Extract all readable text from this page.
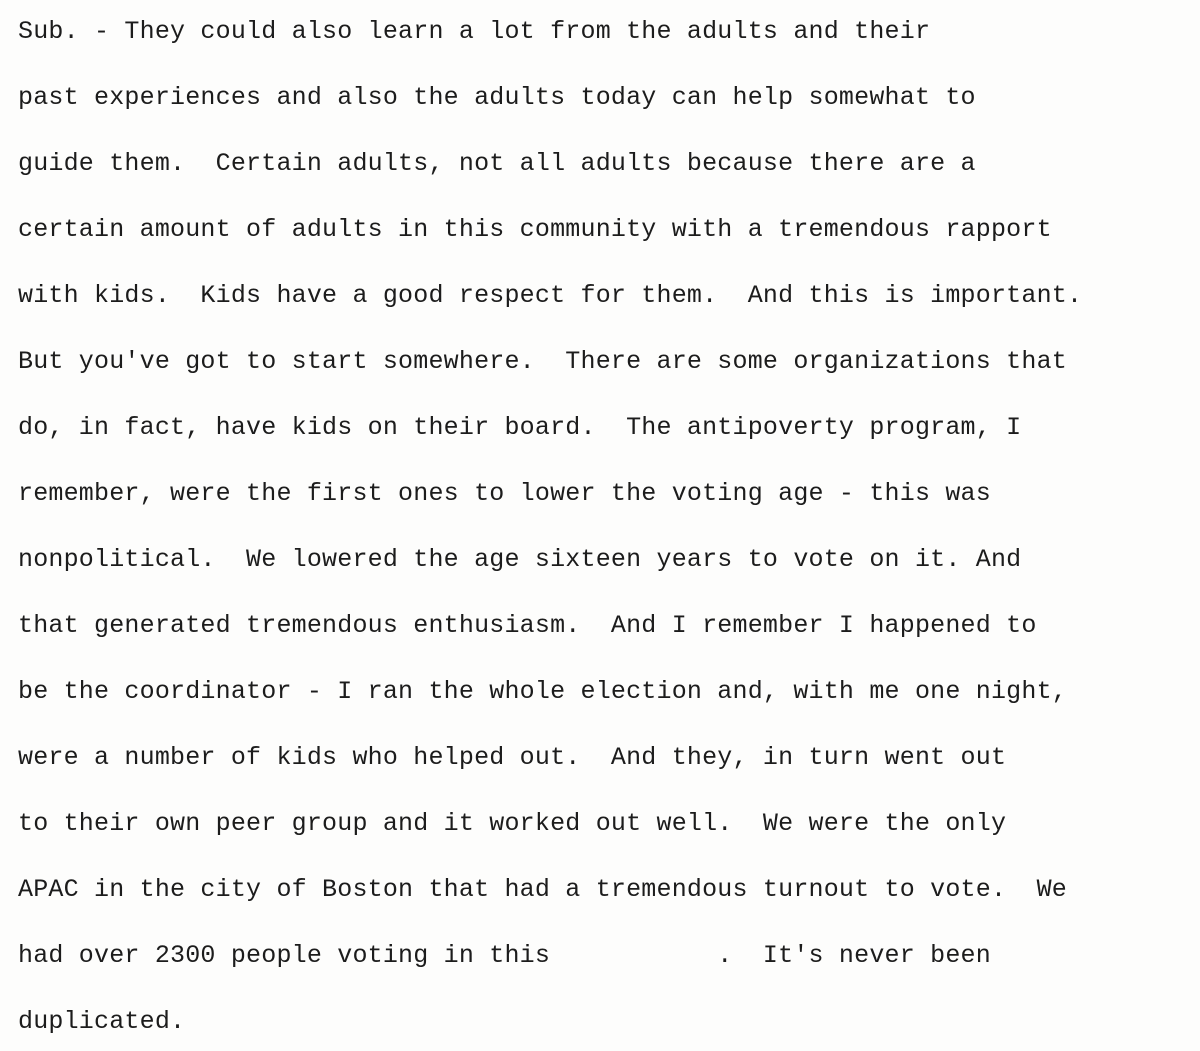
Sub. - They could also learn a lot from the adults and their

past experiences and also the adults today can help somewhat to

guide them.  Certain adults, not all adults because there are a

certain amount of adults in this community with a tremendous rapport

with kids.  Kids have a good respect for them.  And this is important.

But you've got to start somewhere.  There are some organizations that

do, in fact, have kids on their board.  The antipoverty program, I

remember, were the first ones to lower the voting age - this was

nonpolitical.  We lowered the age sixteen years to vote on it. And

that generated tremendous enthusiasm.  And I remember I happened to

be the coordinator - I ran the whole election and, with me one night,

were a number of kids who helped out.  And they, in turn went out

to their own peer group and it worked out well.  We were the only

APAC in the city of Boston that had a tremendous turnout to vote.  We

had over 2300 people voting in this           .  It's never been

duplicated.
